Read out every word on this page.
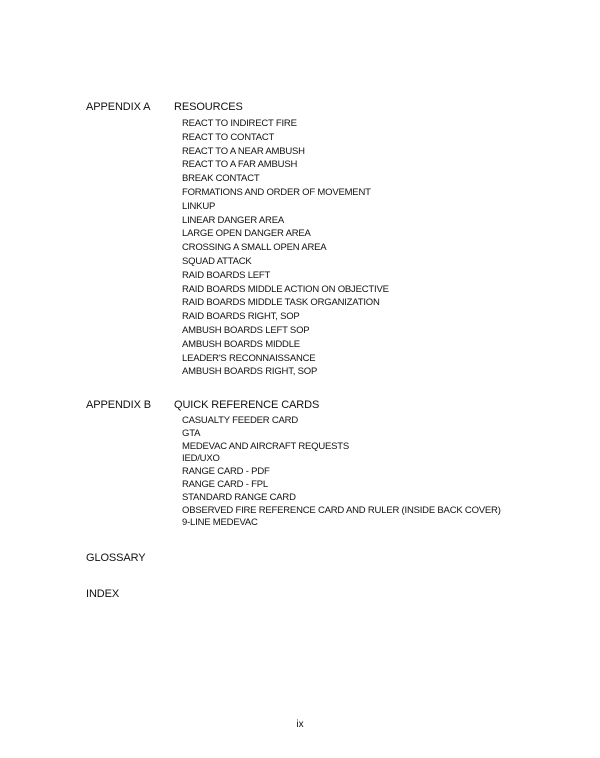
APPENDIX A	RESOURCES
REACT TO INDIRECT FIRE
REACT TO CONTACT
REACT TO A NEAR AMBUSH
REACT TO A FAR AMBUSH
BREAK CONTACT
FORMATIONS AND ORDER OF MOVEMENT
LINKUP
LINEAR DANGER AREA
LARGE OPEN DANGER AREA
CROSSING A SMALL OPEN AREA
SQUAD ATTACK
RAID BOARDS LEFT
RAID BOARDS MIDDLE ACTION ON OBJECTIVE
RAID BOARDS MIDDLE TASK ORGANIZATION
RAID BOARDS RIGHT, SOP
AMBUSH BOARDS LEFT SOP
AMBUSH BOARDS MIDDLE
LEADER'S RECONNAISSANCE
AMBUSH BOARDS RIGHT, SOP
APPENDIX B	QUICK REFERENCE CARDS
CASUALTY FEEDER CARD
GTA
MEDEVAC AND AIRCRAFT REQUESTS
IED/UXO
RANGE CARD - PDF
RANGE CARD - FPL
STANDARD RANGE CARD
OBSERVED FIRE REFERENCE CARD AND RULER (INSIDE BACK COVER)
9-LINE MEDEVAC
GLOSSARY
INDEX
ix
